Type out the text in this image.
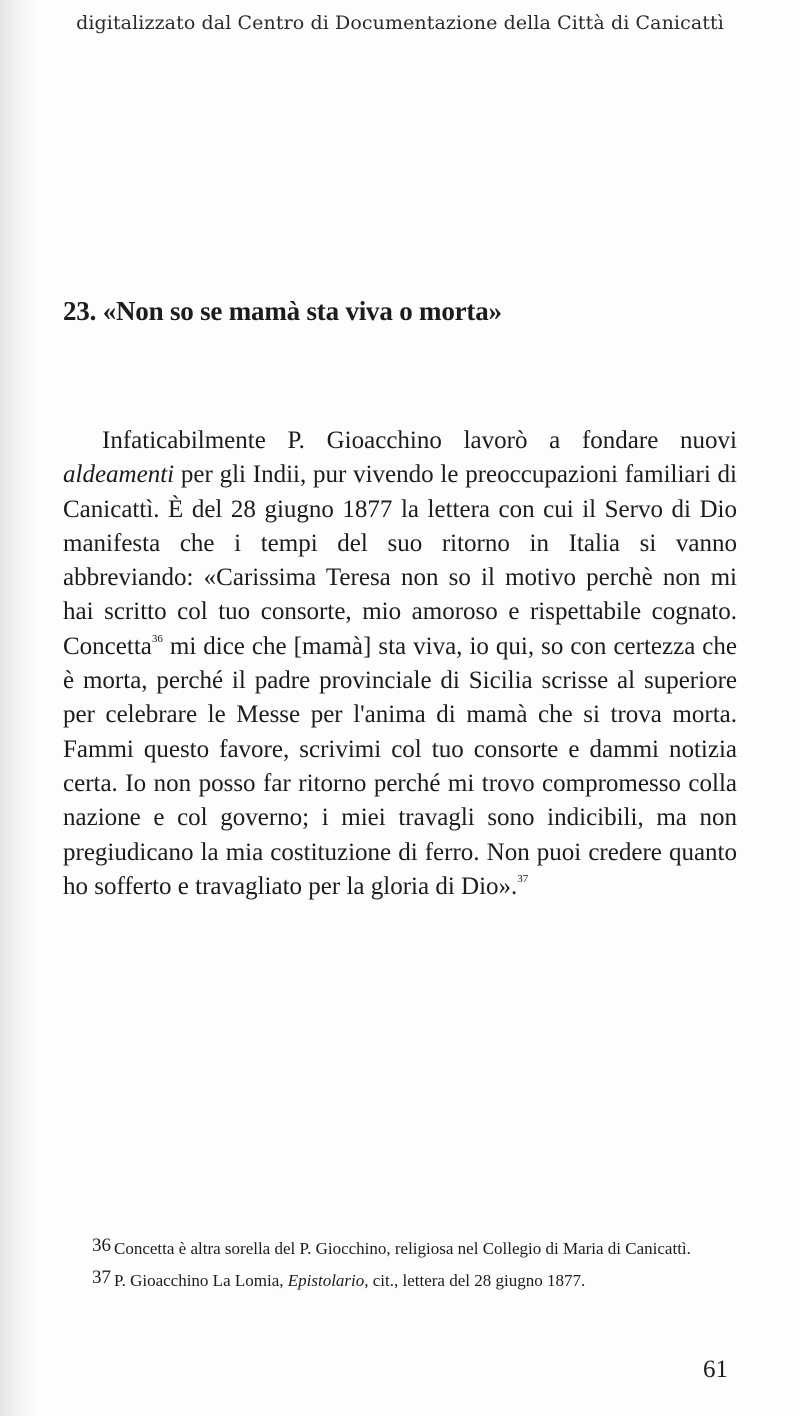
digitalizzato dal Centro di Documentazione della Città di Canicattì
23. «Non so se mamà sta viva o morta»

Infaticabilmente P. Gioacchino lavorò a fondare nuovi aldeamenti per gli Indii, pur vivendo le preoccupazioni familiari di Canicattì. È del 28 giugno 1877 la lettera con cui il Servo di Dio manifesta che i tempi del suo ritorno in Italia si vanno abbreviando: «Carissima Teresa non so il motivo perchè non mi hai scritto col tuo consorte, mio amoroso e rispettabile cognato. Concetta$^{36}$ mi dice che [mamà] sta viva, io qui, so con certezza che è morta, perché il padre provinciale di Sicilia scrisse al superiore per celebrare le Messe per l'anima di mamà che si trova morta. Fammi questo favore, scrivimi col tuo consorte e dammi notizia certa. Io non posso far ritorno perché mi trovo compromesso colla nazione e col governo; i miei travagli sono indicibili, ma non pregiudicano la mia costituzione di ferro. Non puoi credere quanto ho sofferto e travagliato per la gloria di Dio».$^{37}$

36 Concetta è altra sorella del P. Giocchino, religiosa nel Collegio di Maria di Canicattì.

37 P. Gioacchino La Lomia, Epistolario, cit., lettera del 28 giugno 1877.

61
